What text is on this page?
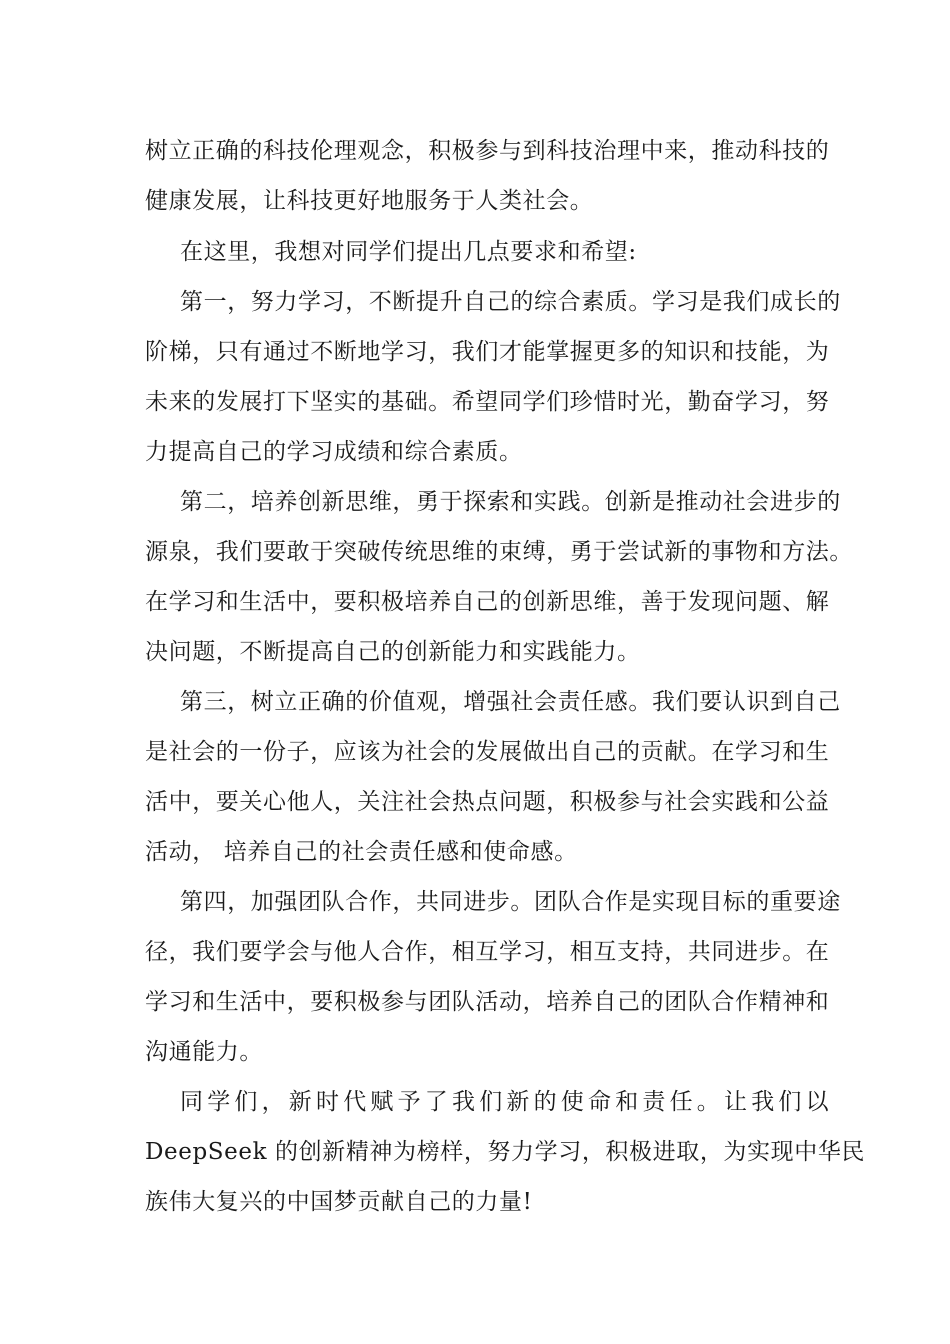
树立正确的科技伦理观念，积极参与到科技治理中来，推动科技的
健康发展，让科技更好地服务于人类社会。
在这里，我想对同学们提出几点要求和希望:
第一，努力学习，不断提升自己的综合素质。学习是我们成长的
阶梯，只有通过不断地学习，我们才能掌握更多的知识和技能，为
未来的发展打下坚实的基础。希望同学们珍惜时光，勤奋学习，努
力提高自己的学习成绩和综合素质。
第二，培养创新思维，勇于探索和实践。创新是推动社会进步的
源泉，我们要敢于突破传统思维的束缚，勇于尝试新的事物和方法。
在学习和生活中，要积极培养自己的创新思维，善于发现问题、解
决问题，不断提高自己的创新能力和实践能力。
第三，树立正确的价值观，增强社会责任感。我们要认识到自己
是社会的一份子，应该为社会的发展做出自己的贡献。在学习和生
活中，要关心他人，关注社会热点问题，积极参与社会实践和公益
活动， 培养自己的社会责任感和使命感。
第四，加强团队合作，共同进步。团队合作是实现目标的重要途
径，我们要学会与他人合作，相互学习，相互支持，共同进步。在
学习和生活中，要积极参与团队活动，培养自己的团队合作精神和
沟通能力。
同学们，新时代赋予了我们新的使命和责任。让我们以
DeepSeek 的创新精神为榜样，努力学习，积极进取，为实现中华民
族伟大复兴的中国梦贡献自己的力量!
